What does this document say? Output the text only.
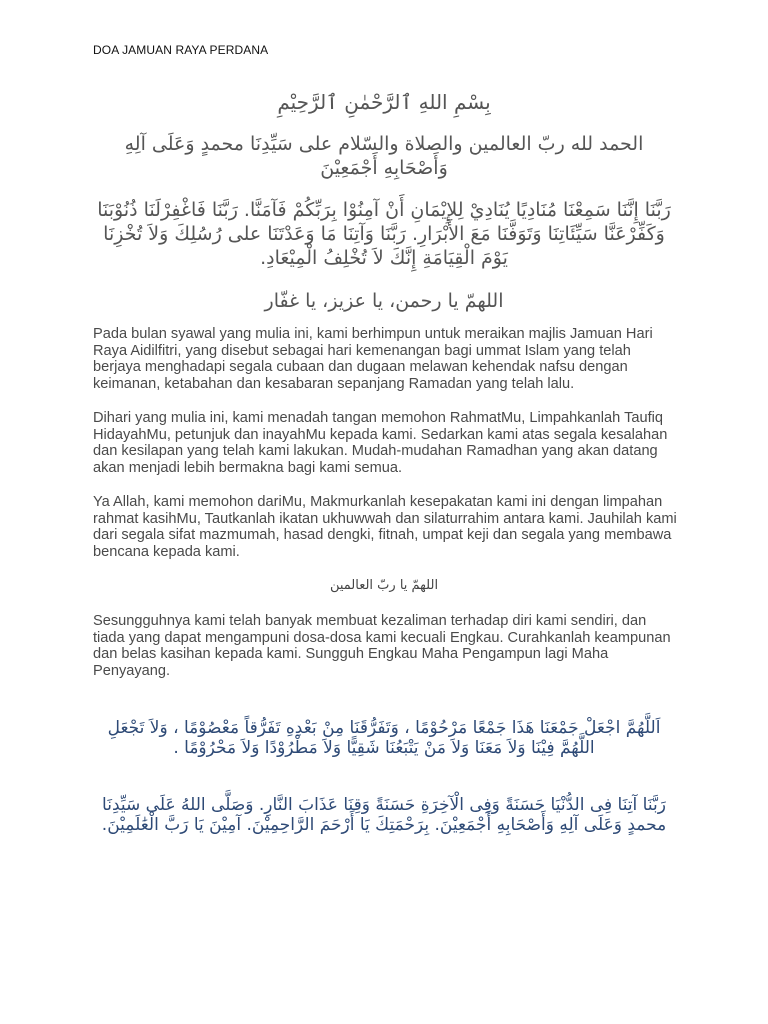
DOA JAMUAN RAYA PERDANA
بِسْمِ اللهِ ٱلرَّحْمٰنِ ٱلرَّحِيْمِ
الحمد لله ربّ العالمين والصلاة والسّلام على سَيِّدِنَا محمدٍ وَعَلَى آلِهِ وَأَصْحَابِهِ أَجْمَعِيْنَ
رَبَّنَا إِنَّنَا سَمِعْنَا مُنَادِيًا يُنَادِيْ لِلإِيْمَانِ أَنْ آمِنُوْا بِرَبِّكُمْ فَآمَنَّا. رَبَّنَا فَاغْفِرْلَنَا ذُنُوْبَنَا وَكَفِّرْعَنَّا سَيِّئَاتِنَا وَتَوَفَّنَا مَعَ الأَبْرَارِ. رَبَّنَا وَآتِنَا مَا وَعَدْتَنَا على رُسُلِكَ وَلاَ تُخْزِنَا يَوْمَ الْقِيَامَةِ إِنَّكَ لاَ تُخْلِفُ الْمِيْعَادِ.
اللهمّ يا رحمن، يا عزيز، يا غفّار

Pada bulan syawal yang mulia ini, kami berhimpun untuk meraikan majlis Jamuan Hari Raya Aidilfitri, yang disebut sebagai hari kemenangan bagi ummat Islam yang telah berjaya menghadapi segala cubaan dan dugaan melawan kehendak nafsu dengan keimanan, ketabahan dan kesabaran sepanjang Ramadan yang telah lalu.

Dihari yang mulia ini, kami menadah tangan memohon RahmatMu, Limpahkanlah Taufiq HidayahMu, petunjuk dan inayahMu kepada kami. Sedarkan kami atas segala kesalahan dan kesilapan yang telah kami lakukan. Mudah-mudahan Ramadhan yang akan datang akan menjadi lebih bermakna bagi kami semua.

Ya Allah, kami memohon dariMu, Makmurkanlah kesepakatan kami ini dengan limpahan rahmat kasihMu, Tautkanlah ikatan ukhuwwah dan silaturrahim antara kami. Jauhilah kami dari segala sifat mazmumah, hasad dengki, fitnah, umpat keji dan segala yang membawa bencana kepada kami.

اللهمّ يا ربّ العالمين

Sesungguhnya kami telah banyak membuat kezaliman terhadap diri kami sendiri, dan tiada yang dapat mengampuni dosa-dosa kami kecuali Engkau. Curahkanlah keampunan dan belas kasihan kepada kami. Sungguh Engkau Maha Pengampun lagi Maha Penyayang.

اَللَّهُمَّ اجْعَلْ جَمْعَنَا هَذَا جَمْعًا مَرْحُوْمًا ، وَتَفَرُّقَنَا مِنْ بَعْدِهِ تَفَرُّقاً مَعْصُوْمًا ، وَلاَ تَجْعَلِ اللَّهُمَّ فِيْنَا وَلاَ مَعَنَا وَلاَ مَنْ يَتْبَعُنَا شَقِيًّا وَلاَ مَطْرُوْدًا وَلاَ مَحْرُوْمًا .
رَبَّنَا آتِنَا فِى الدُّنْيَا حَسَنَةً وَفِى الْآخِرَةِ حَسَنَةً وَقِنَا عَذَابَ النَّارِ. وَصَلَّى اللهُ عَلَى سَيِّدِنَا محمدٍ وَعَلَى آلِهِ وَأَصْحَابِهِ أَجْمَعِيْنَ. بِرَحْمَتِكَ يَا أَرْحَمَ الرَّاحِمِيْنَ. آمِيْنَ يَا رَبَّ الْعَٰلَمِيْنَ.
